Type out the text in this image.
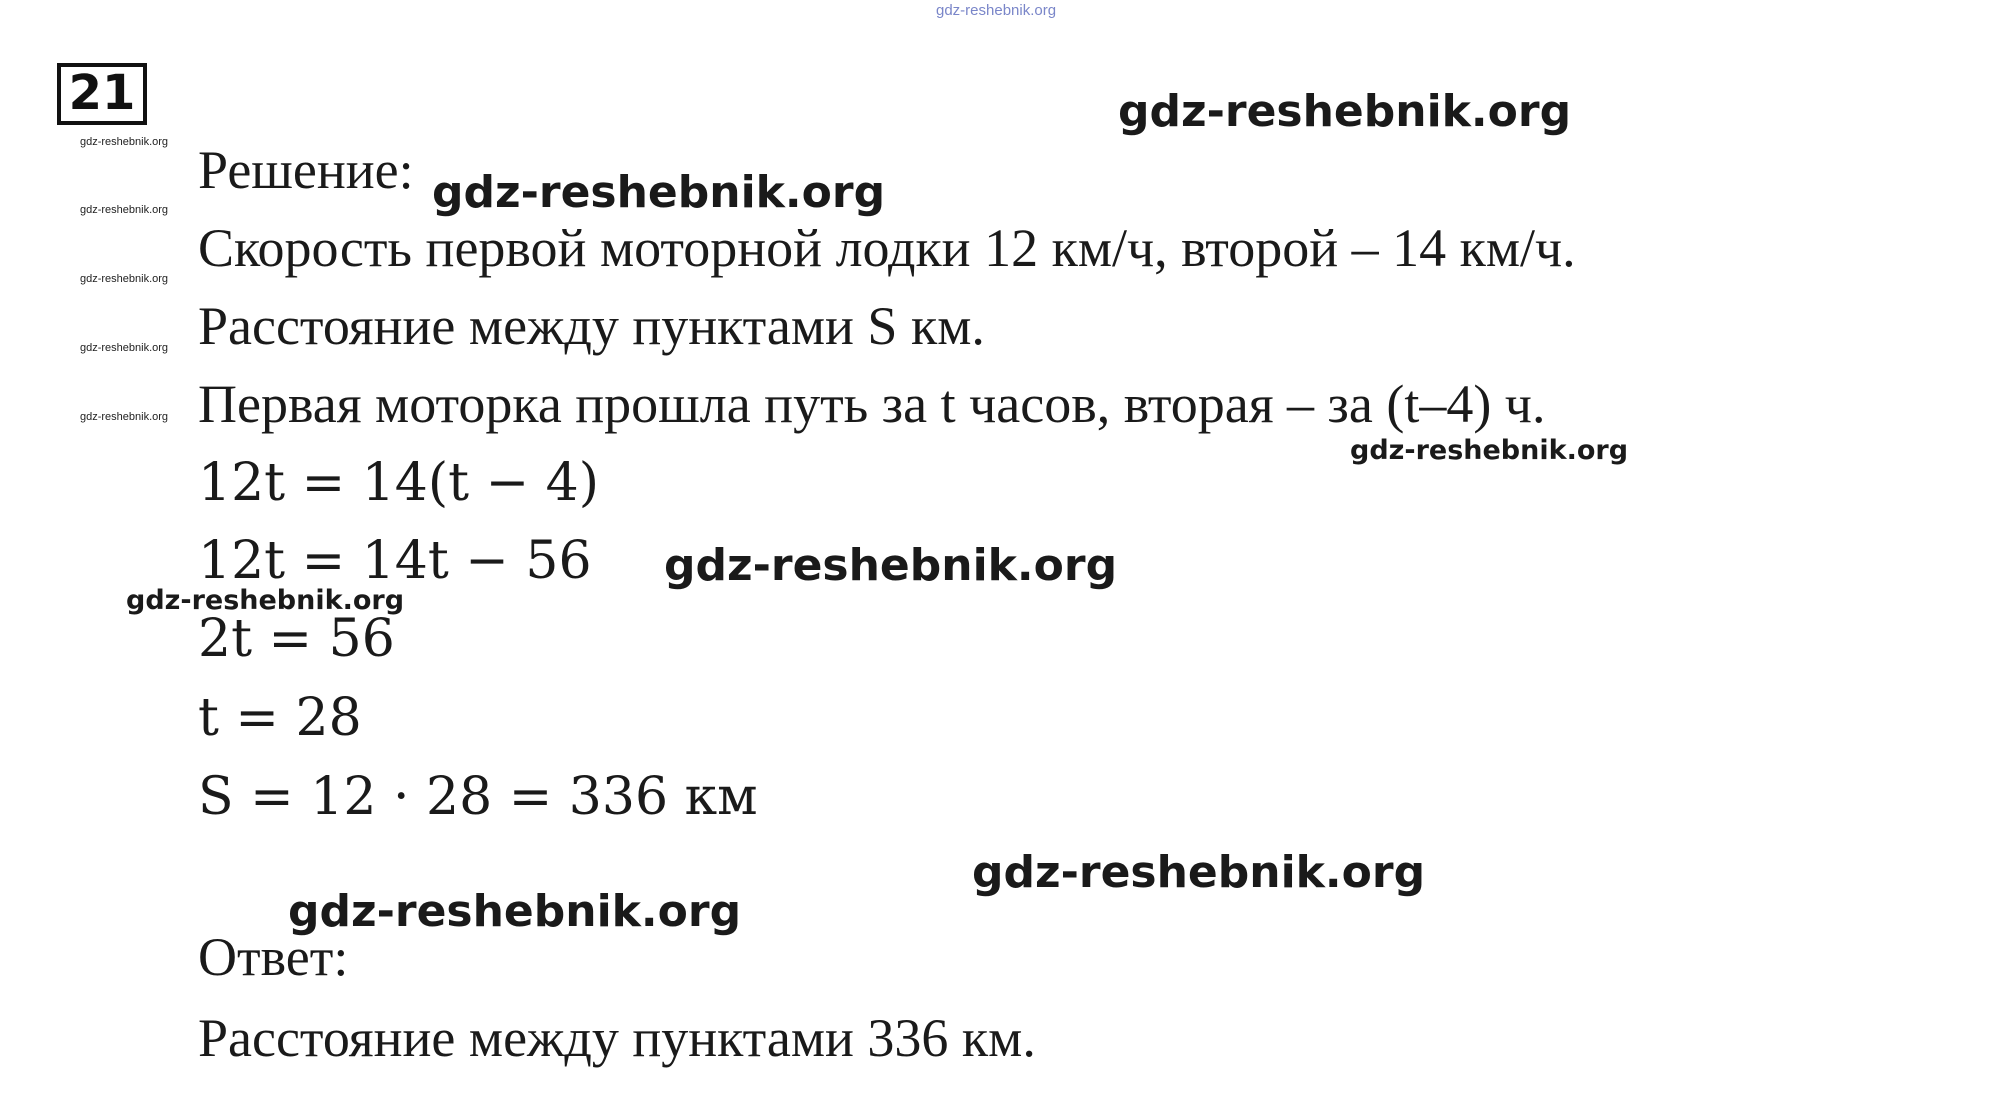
gdz-reshebnik.org
21
gdz-reshebnik.org
gdz-reshebnik.org
gdz-reshebnik.org
gdz-reshebnik.org
gdz-reshebnik.org
Решение:
Скорость первой моторной лодки 12 км/ч, второй – 14 км/ч.
Расстояние между пунктами S км.
Первая моторка прошла путь за t часов, вторая – за (t–4) ч.
12t = 14(t − 4)
12t = 14t − 56
2t = 56
t = 28
S = 12 · 28 = 336 км
Ответ:
Расстояние между пунктами 336 км.
gdz-reshebnik.org
gdz-reshebnik.org
gdz-reshebnik.org
gdz-reshebnik.org
gdz-reshebnik.org
gdz-reshebnik.org
gdz-reshebnik.org
